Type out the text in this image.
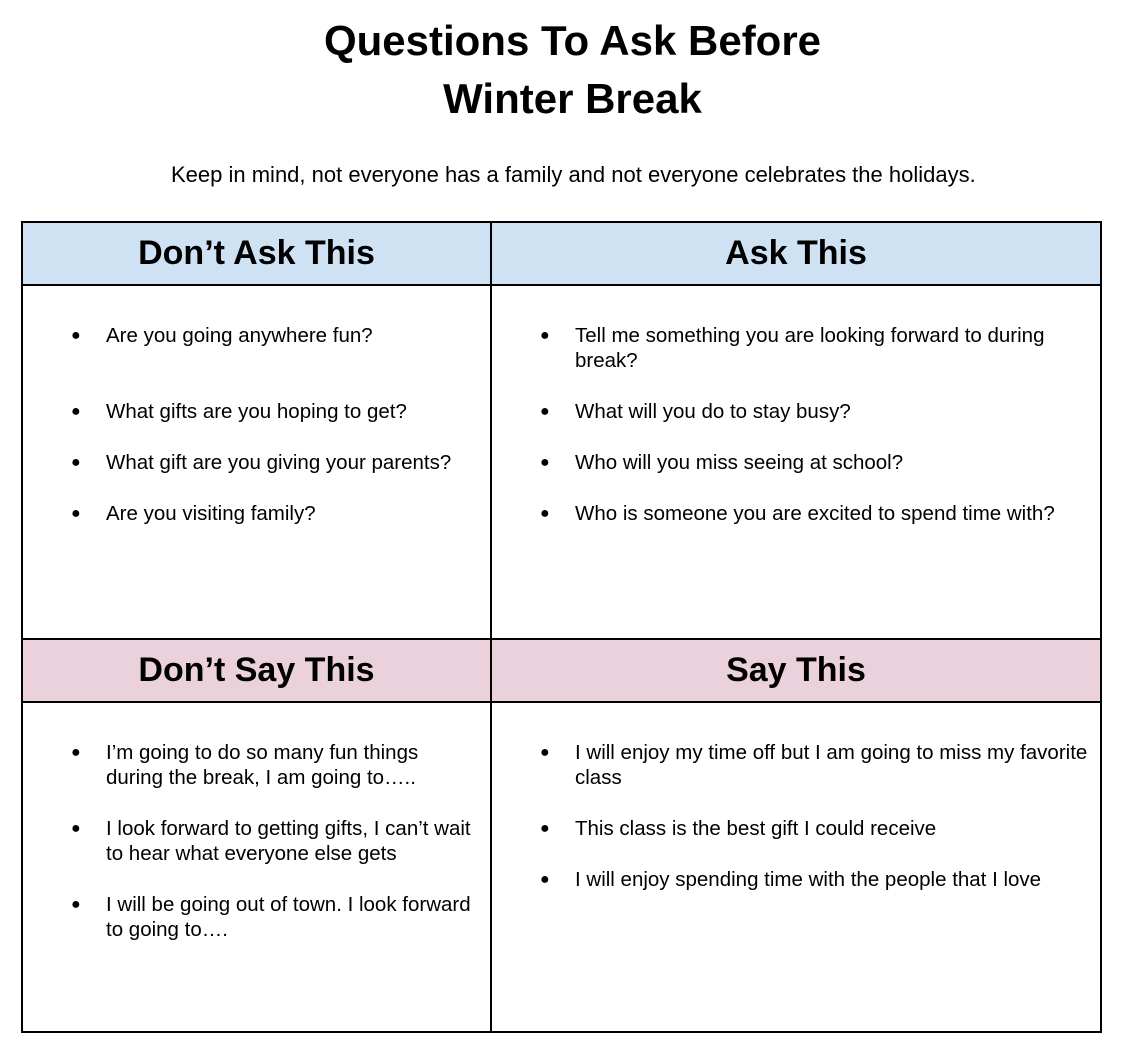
Questions To Ask Before
Winter Break

Keep in mind, not everyone has a family and not everyone celebrates the holidays.

Don’t Ask This	Ask This
● Are you going anywhere fun?
● What gifts are you hoping to get?
● What gift are you giving your parents?
● Are you visiting family?
● Tell me something you are looking forward to during break?
● What will you do to stay busy?
● Who will you miss seeing at school?
● Who is someone you are excited to spend time with?
Don’t Say This	Say This
● I’m going to do so many fun things during the break, I am going to…..
● I look forward to getting gifts, I can’t wait to hear what everyone else gets
● I will be going out of town. I look forward to going to….
● I will enjoy my time off but I am going to miss my favorite class
● This class is the best gift I could receive
● I will enjoy spending time with the people that I love
